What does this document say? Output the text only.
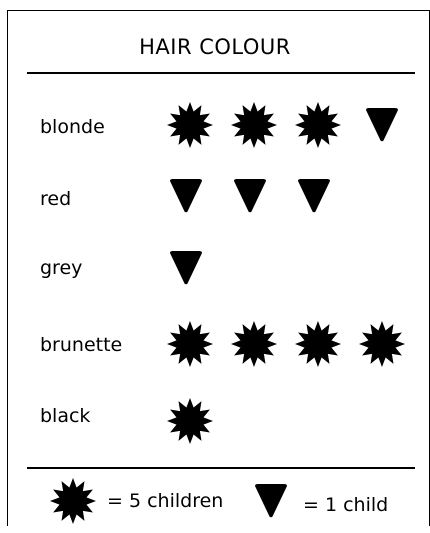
HAIR COLOUR
blonde
red
grey
brunette
black
= 5 children	= 1 child
